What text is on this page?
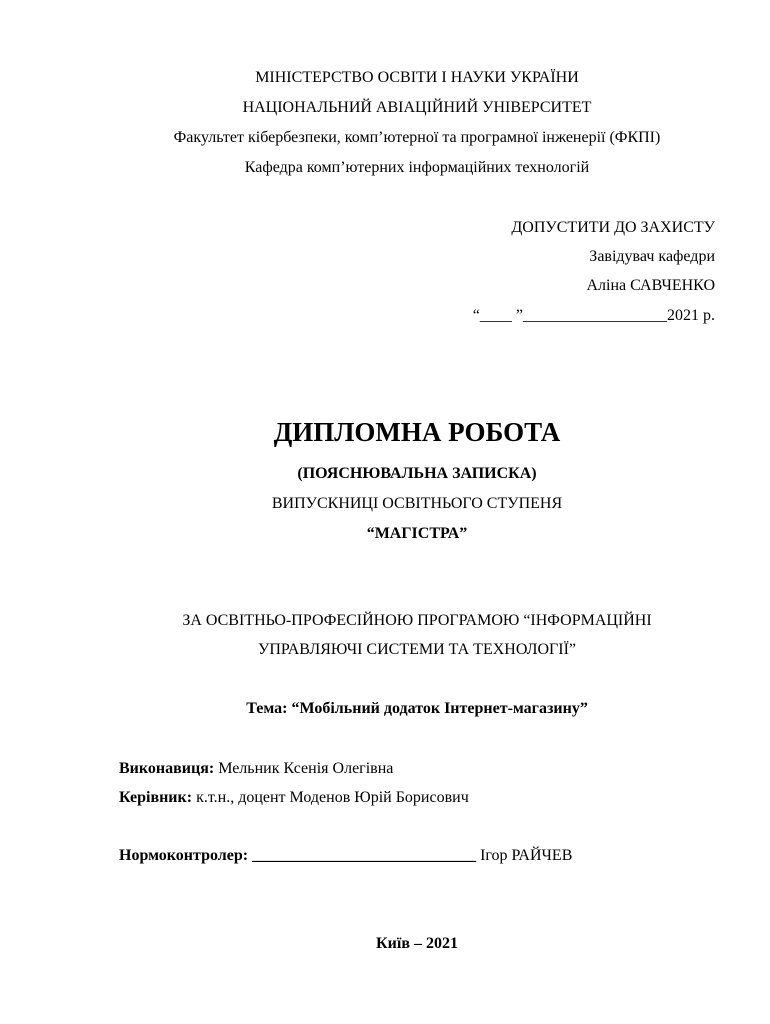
МІНІСТЕРСТВО ОСВІТИ І НАУКИ УКРАЇНИ
НАЦІОНАЛЬНИЙ АВІАЦІЙНИЙ УНІВЕРСИТЕТ
Факультет кібербезпеки, комп’ютерної та програмної інженерії (ФКПІ)
Кафедра комп’ютерних інформаційних технологій
ДОПУСТИТИ ДО ЗАХИСТУ
Завідувач кафедри
Аліна САВЧЕНКО
“____ ”__________________2021 р.
ДИПЛОМНА РОБОТА
(ПОЯСНЮВАЛЬНА ЗАПИСКА)
ВИПУСКНИЦІ ОСВІТНЬОГО СТУПЕНЯ
“МАГІСТРА”
ЗА ОСВІТНЬО-ПРОФЕСІЙНОЮ ПРОГРАМОЮ “ІНФОРМАЦІЙНІ
УПРАВЛЯЮЧІ СИСТЕМИ ТА ТЕХНОЛОГІЇ”
Тема: “Мобільний додаток Інтернет-магазину”
Виконавиця: Мельник Ксенія Олегівна
Керівник: к.т.н., доцент Моденов Юрій Борисович
Нормоконтролер: ____________________________ Ігор РАЙЧЕВ
Київ – 2021
